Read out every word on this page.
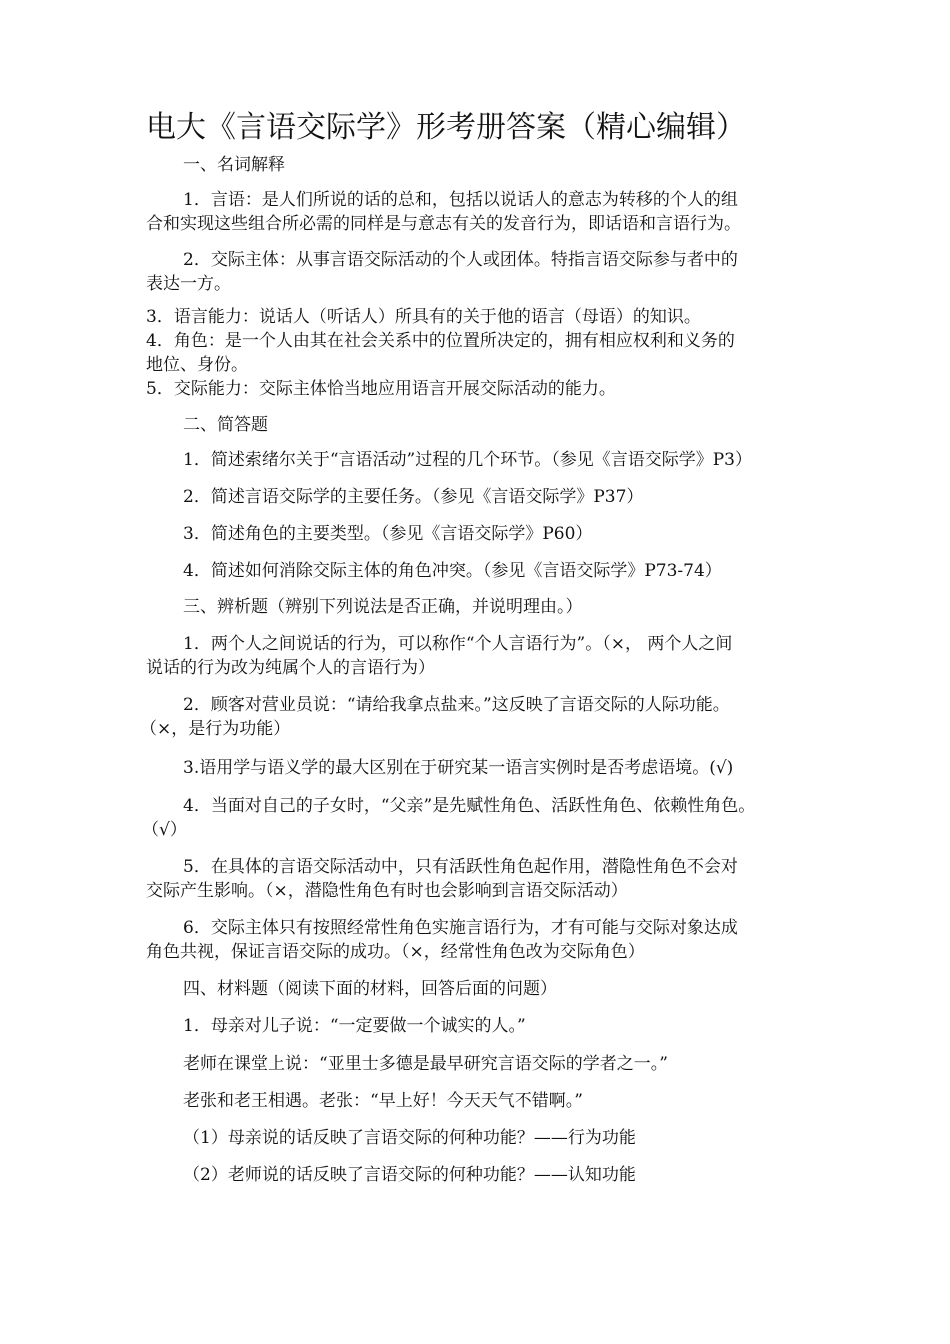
电大《言语交际学》形考册答案（精心编辑）
一、名词解释
1．言语：是人们所说的话的总和，包括以说话人的意志为转移的个人的组
合和实现这些组合所必需的同样是与意志有关的发音行为，即话语和言语行为。
2．交际主体：从事言语交际活动的个人或团体。特指言语交际参与者中的
表达一方。
3．语言能力：说话人（听话人）所具有的关于他的语言（母语）的知识。
4．角色：是一个人由其在社会关系中的位置所决定的，拥有相应权利和义务的
地位、身份。
5．交际能力：交际主体恰当地应用语言开展交际活动的能力。
二、简答题
1．简述索绪尔关于“言语活动”过程的几个环节。（参见《言语交际学》P3）
2．简述言语交际学的主要任务。（参见《言语交际学》P37）
3．简述角色的主要类型。（参见《言语交际学》P60）
4．简述如何消除交际主体的角色冲突。（参见《言语交际学》P73-74）
三、辨析题（辨别下列说法是否正确，并说明理由。）
1．两个人之间说话的行为，可以称作“个人言语行为”。（×， 两个人之间
说话的行为改为纯属个人的言语行为）
2．顾客对营业员说：“请给我拿点盐来。”这反映了言语交际的人际功能。
（×，是行为功能）
3.语用学与语义学的最大区别在于研究某一语言实例时是否考虑语境。(√)
4．当面对自己的子女时，“父亲”是先赋性角色、活跃性角色、依赖性角色。
（√）
5．在具体的言语交际活动中，只有活跃性角色起作用，潜隐性角色不会对
交际产生影响。（×，潜隐性角色有时也会影响到言语交际活动）
6．交际主体只有按照经常性角色实施言语行为，才有可能与交际对象达成
角色共视，保证言语交际的成功。（×，经常性角色改为交际角色）
四、材料题（阅读下面的材料，回答后面的问题）
1．母亲对儿子说：“一定要做一个诚实的人。”
老师在课堂上说：“亚里士多德是最早研究言语交际的学者之一。”
老张和老王相遇。老张：“早上好！今天天气不错啊。”
（1）母亲说的话反映了言语交际的何种功能？——行为功能
（2）老师说的话反映了言语交际的何种功能？——认知功能
